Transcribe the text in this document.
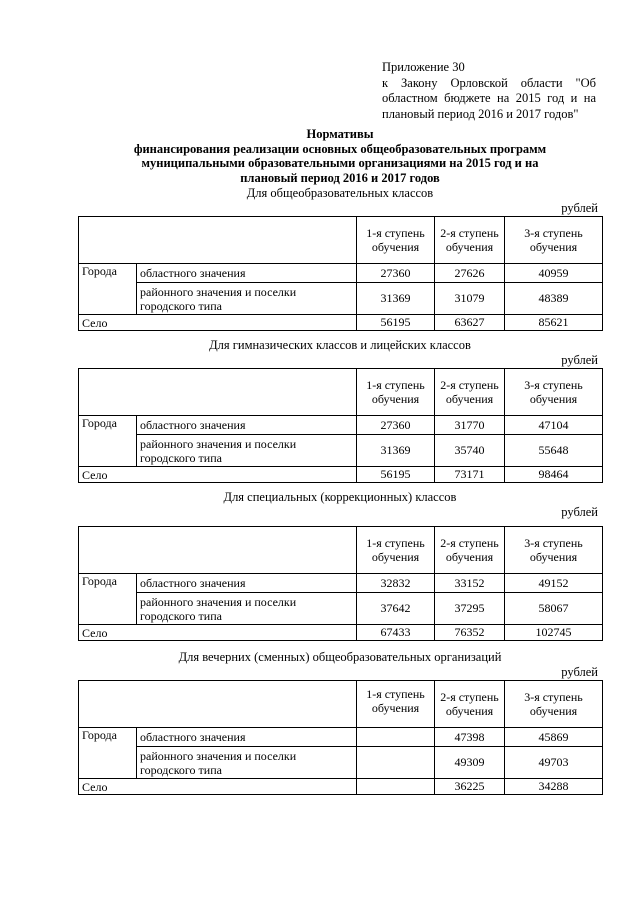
Приложение 30
к Закону Орловской области "Об
областном бюджете на 2015 год и на
плановый период 2016 и 2017 годов"
Нормативы
финансирования реализации основных общеобразовательных программ
муниципальными образовательными организациями на 2015 год и на
плановый период 2016 и 2017 годов
Для общеобразовательных классов
рублей
		1-я ступень обучения	2-я ступень обучения	3-я ступень обучения
Города	областного значения	27360	27626	40959
	районного значения и поселки городского типа	31369	31079	48389
Село		56195	63627	85621
Для гимназических классов и лицейских классов
рублей
		1-я ступень обучения	2-я ступень обучения	3-я ступень обучения
Города	областного значения	27360	31770	47104
	районного значения и поселки городского типа	31369	35740	55648
Село		56195	73171	98464
Для специальных (коррекционных) классов
рублей
		1-я ступень обучения	2-я ступень обучения	3-я ступень обучения
Города	областного значения	32832	33152	49152
	районного значения и поселки городского типа	37642	37295	58067
Село		67433	76352	102745
Для вечерних (сменных) общеобразовательных организаций
рублей
		1-я ступень обучения	2-я ступень обучения	3-я ступень обучения
Города	областного значения		47398	45869
	районного значения и поселки городского типа		49309	49703
Село			36225	34288
